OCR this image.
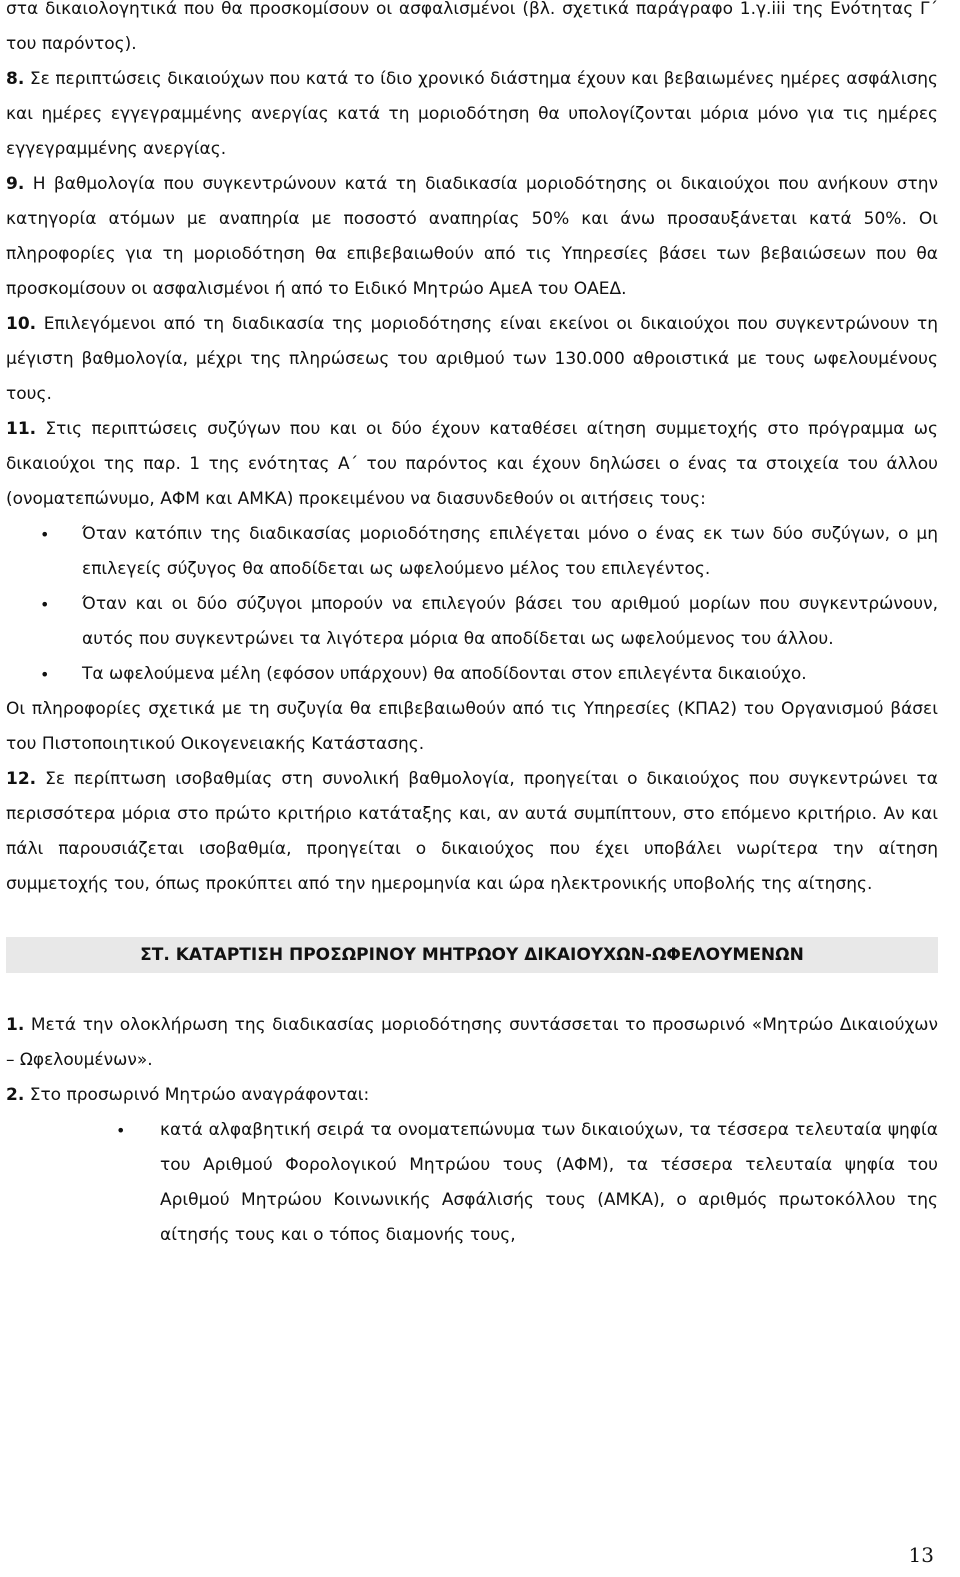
στα δικαιολογητικά που θα προσκομίσουν οι ασφαλισμένοι (βλ. σχετικά παράγραφο 1.γ.iii της Ενότητας Γ΄ του παρόντος).

8. Σε περιπτώσεις δικαιούχων που κατά το ίδιο χρονικό διάστημα έχουν και βεβαιωμένες ημέρες ασφάλισης και ημέρες εγγεγραμμένης ανεργίας κατά τη μοριοδότηση θα υπολογίζονται μόρια μόνο για τις ημέρες εγγεγραμμένης ανεργίας.

9. Η βαθμολογία που συγκεντρώνουν κατά τη διαδικασία μοριοδότησης οι δικαιούχοι που ανήκουν στην κατηγορία ατόμων με αναπηρία με ποσοστό αναπηρίας 50% και άνω προσαυξάνεται κατά 50%. Οι πληροφορίες για τη μοριοδότηση θα επιβεβαιωθούν από τις Υπηρεσίες βάσει των βεβαιώσεων που θα προσκομίσουν οι ασφαλισμένοι ή από το Ειδικό Μητρώο ΑμεΑ του ΟΑΕΔ.

10. Επιλεγόμενοι από τη διαδικασία της μοριοδότησης είναι εκείνοι οι δικαιούχοι που συγκεντρώνουν τη μέγιστη βαθμολογία, μέχρι της πληρώσεως του αριθμού των 130.000 αθροιστικά με τους ωφελουμένους τους.

11. Στις περιπτώσεις συζύγων που και οι δύο έχουν καταθέσει αίτηση συμμετοχής στο πρόγραμμα ως δικαιούχοι της παρ. 1 της ενότητας Α΄ του παρόντος και έχουν δηλώσει ο ένας τα στοιχεία του άλλου (ονοματεπώνυμο, ΑΦΜ και ΑΜΚΑ) προκειμένου να διασυνδεθούν οι αιτήσεις τους:

• Όταν κατόπιν της διαδικασίας μοριοδότησης επιλέγεται μόνο ο ένας εκ των δύο συζύγων, ο μη επιλεγείς σύζυγος θα αποδίδεται ως ωφελούμενο μέλος του επιλεγέντος.
• Όταν και οι δύο σύζυγοι μπορούν να επιλεγούν βάσει του αριθμού μορίων που συγκεντρώνουν, αυτός που συγκεντρώνει τα λιγότερα μόρια θα αποδίδεται ως ωφελούμενος του άλλου.
• Τα ωφελούμενα μέλη (εφόσον υπάρχουν) θα αποδίδονται στον επιλεγέντα δικαιούχο.

Οι πληροφορίες σχετικά με τη συζυγία θα επιβεβαιωθούν από τις Υπηρεσίες (ΚΠΑ2) του Οργανισμού βάσει του Πιστοποιητικού Οικογενειακής Κατάστασης.

12. Σε περίπτωση ισοβαθμίας στη συνολική βαθμολογία, προηγείται ο δικαιούχος που συγκεντρώνει τα περισσότερα μόρια στο πρώτο κριτήριο κατάταξης και, αν αυτά συμπίπτουν, στο επόμενο κριτήριο. Αν και πάλι παρουσιάζεται ισοβαθμία, προηγείται ο δικαιούχος που έχει υποβάλει νωρίτερα την αίτηση συμμετοχής του, όπως προκύπτει από την ημερομηνία και ώρα ηλεκτρονικής υποβολής της αίτησης.

ΣΤ. ΚΑΤΑΡΤΙΣΗ ΠΡΟΣΩΡΙΝΟΥ ΜΗΤΡΩΟΥ ΔΙΚΑΙΟΥΧΩΝ-ΩΦΕΛΟΥΜΕΝΩΝ

1. Μετά την ολοκλήρωση της διαδικασίας μοριοδότησης συντάσσεται το προσωρινό «Μητρώο Δικαιούχων – Ωφελουμένων».

2. Στο προσωρινό Μητρώο αναγράφονται:

• κατά αλφαβητική σειρά τα ονοματεπώνυμα των δικαιούχων, τα τέσσερα τελευταία ψηφία του Αριθμού Φορολογικού Μητρώου τους (ΑΦΜ), τα τέσσερα τελευταία ψηφία του Αριθμού Μητρώου Κοινωνικής Ασφάλισής τους (ΑΜΚΑ), ο αριθμός πρωτοκόλλου της αίτησής τους και ο τόπος διαμονής τους,
13
